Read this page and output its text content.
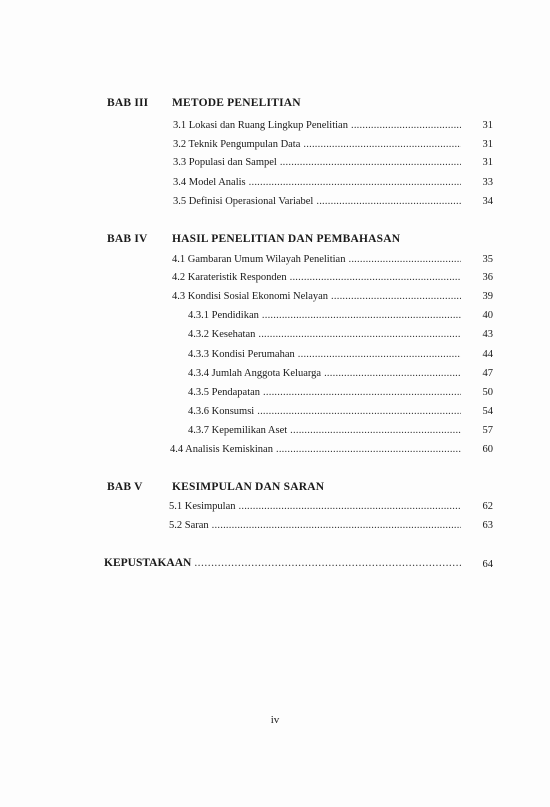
BAB III METODE PENELITIAN
3.1 Lokasi dan Ruang Lingkup Penelitian . . .	31
3.2 Teknik Pengumpulan Data . . .	31
3.3 Populasi dan Sampel . . .	31
3.4 Model Analis . . .	33
3.5 Definisi Operasional Variabel . . .	34
BAB IV HASIL PENELITIAN DAN PEMBAHASAN
4.1 Gambaran Umum Wilayah Penelitian . . .	35
4.2 Karateristik Responden . . .	36
4.3 Kondisi Sosial Ekonomi Nelayan . . .	39
4.3.1 Pendidikan . . .	40
4.3.2 Kesehatan . . .	43
4.3.3 Kondisi Perumahan . . .	44
4.3.4 Jumlah Anggota Keluarga . . .	47
4.3.5 Pendapatan . . .	50
4.3.6 Konsumsi . . .	54
4.3.7 Kepemilikan Aset . . .	57
4.4 Analisis Kemiskinan . . .	60
BAB V	KESIMPULAN DAN SARAN
5.1 Kesimpulan . . .	62
5.2 Saran . . .	63
KEPUSTAKAAN . . .	64
iv
